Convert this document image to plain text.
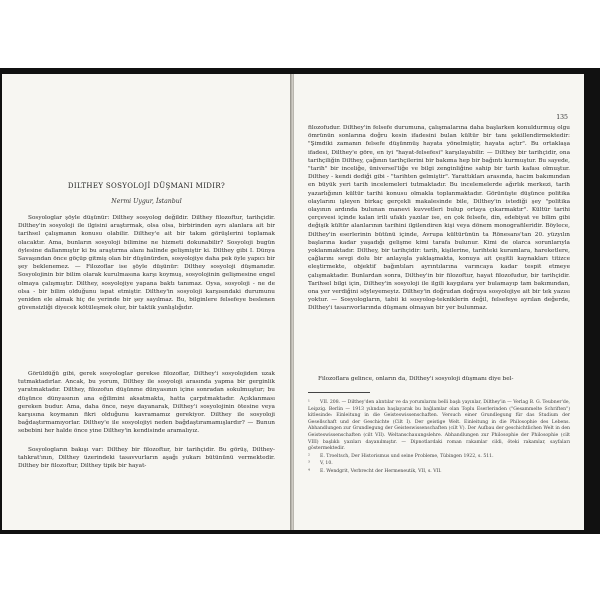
DILTHEY SOSYOLOJİ DÜŞMANI MIDIR?
Nermi Uygur, İstanbul

Sosyologlar şöyle düşünür: Dilthey sosyolog değildir. Dilthey filozoftur, tarihçidir. Dilthey'in sosyoloji ile ilgisini araştırmak, olsa olsa, birbirinden ayrı alanlara ait bir tarihsel çalışmanın konusu olabilir. Dilthey'e ait bir takım görüşlerini toplamak olacaktır. Ama, bunların sosyoloji bilimine ne hizmeti dokunabilir? Sosyoloji bugün öylesine dallanmıştır ki bu araştırma alanı halinde gelişmiştir ki. Dilthey gibi I. Dünya Savaşından önce göçüp gitmiş olan bir düşünürden, sosyolojiye daha pek öyle yapıcı bir şey beklenemez. — Filozoflar ise şöyle düşünür: Dilthey sosyoloji düşmanıdır. Sosyolojinin bir bilim olarak kurulmasına karşı koymuş, sosyolojinin gelişmesine engel olmaya çalışmıştır. Dilthey, sosyolojiye yapana baktı tanımaz. Oysa, sosyoloji - ne de olsa - bir bilim olduğunu ispat etmiştir. Dilthey'in sosyoloji karşısındaki durumunu yeniden ele almak hiç de yerinde bir şey sayılmaz. Bu, bilginlere felsefeye beslenen güvensizliği diyecek kötüleşmek olur, bir taktik yanlışlığıdır.

Görüldüğü gibi, gerek sosyologlar gerekse filozoflar, Dilthey'i sosyolojiden uzak tutmaktadırlar. Ancak, bu yorum, Dilthey ile sosyoloji arasında yapma bir gerginlik yaratmaktadır. Dilthey, filozofun düşünme dünyasının içine sonradan sokulmuştur; bu düşünce dünyasının ana eğilimini aksatmakta, hatta çarpıtmaktadır. Açıklanması gereken budur. Ama, daha önce, neye dayanarak, Dilthey'i sosyolojinin ötesine veya karşısına koymanın fikri olduğunu kavramamız gerekiyor. Dilthey ile sosyoloji bağdaştırmamıyorlar. Dilthey'e ile sosyolojiyi neden bağdaştıramamışlardır? — Bunun sebebini her halde önce yine Dilthey'in kendisinde aramalıyız.

Sosyologların bakışı var: Dilthey bir filozoftur, bir tarihçidir. Bu görüş, Dilthey-tahkrat'ının, Dilthey üzerindeki tasavvurların aşağı yukarı bütününü vermektedir. Dilthey bir filozoftur, Dilthey tipik bir hayat-

135

filozofudur. Dilthey'in felsefe durumuna, çalışmalarına daha başlarken konuldurmuş olgu ömrünün sonlarına doğru kesin ifadesini bulan kültür bir tanı şekillendirmektedir: "Şimdiki zamanın felsefe düşünmüş hayata yönelmiştir, hayata açtır". Bu ortaklaşa ifadesi, Dilthey'e göre, en iyi "hayat-felsefesi" karşılayabilir. — Dilthey bir tarihçidir, ona tarihçiliğin Dilthey, çağının tarihçilerini bir bakıma hep bir bağıntı kurmuştur. Bu sayede, "tarih" bir inceliğe, üniversel'liğe ve bilgi zenginliğine sahip bir tarih kafası olmuştur. Dilthey - kendi dediği gibi - "tarihten gelmiştir". Yarattıkları arasında, hacim bakımından en büyük yeri tarih incelemeleri tutmaktadır. Bu incelemelerde ağırlık merkezi, tarih yazarlığının kültür tarihi konusu olmakla toplanmaktadır. Görünüşte düşünce politika olaylarını işleyen birkaç gerçekli makalesinde bile, Dilthey'in istediği şey "politika olayının ardında bulunan manevi kuvvetleri bulup ortaya çıkarmaktır". Kültür tarihi çerçevesi içinde kalan irili ufaklı yazılar ise, en çok felsefe, din, edebiyat ve bilim gibi değişik kültür alanlarının tarihini ilgilendiren kişi veya dönem monografileridir. Böylece, Dilthey'in eserlerinin bütünü içinde, Avrupa kültürünün ta Rönesans'tan 20. yüzyılın başlarına kadar yaşadığı gelişme kimi tarafa bulunur. Kimi de olarca sorunlarıyla yoklanmaktadır. Dilthey, bir tarihçidir: tarih, kişilerine, tarihteki kuramlara, hareketlere, çağlarını sevgi dolu bir anlayışla yaklaşmakta, konuya ait çeşitli kaynakları titizce eleştirmekte, objektif bağıntıları ayrıntılarına varıncaya kadar tespit etmeye çalışmaktadır. Bunlardan sonra, Dilthey'in bir filozoftur, hayat filozofudur, bir tarihçidir. Tarihsel bilgi için, Dilthey'in sosyoloji ile ilgili kaygılara yer bulamayıp tam bakımından, ona yer verdiğini söyleyemeyiz. Dilthey'in doğrudan doğruya sosyolojiye ait bir tek yazısı yoktur. — Sosyologların, tabii ki sosyolog-tekniklerin değil, felsefeye ayrılan değerde, Dilthey'i tasarıvorlarında düşmanı olmayan bir yer bulunmaz.

Filozoflara gelince, onların da, Dilthey'i sosyoloji düşmanı diye bel-

¹ VII. 208. — Dilthey'den alıntılar ve da yorumlarını belli başlı yayınlar, Dilthey'in — Verlag B. G. Teubner'de, Leipzig. Berlin — 1913 yılından başlayarak bu bağlamlar olan Toplu Eserlerinden ("Gesammelte Schriften") kitlesinde: Einleitung in die Geisteswissenschaften. Versuch einer Grundlegung für das Studium der Gesellschaft und der Geschichte (Cilt I). Der geistige Welt. Einleitung in die Philosophie des Lebens. Abhandlungen zur Grundlegung der Geisteswissenschaften (cilt V). Der Aufbau der geschichtlichen Welt in den Geisteswissenschaften (cilt VII). Weltanschauungslehre. Abhandlungen zur Philosophie der Philosophie (cilt VIII) başlıklı yazıları dayanılmıştır. — Dipnotlardaki roman rakamlar cildi, öteki rakamlar, sayfaları göstermektedir.

² E. Troeltsch, Der Historismus und seine Probleme, Tübingen 1922, s. 511.

³ V, 10.

⁴ E. Wendgrit, Verbrecht der Hermeneutik, VII, s. VII.
